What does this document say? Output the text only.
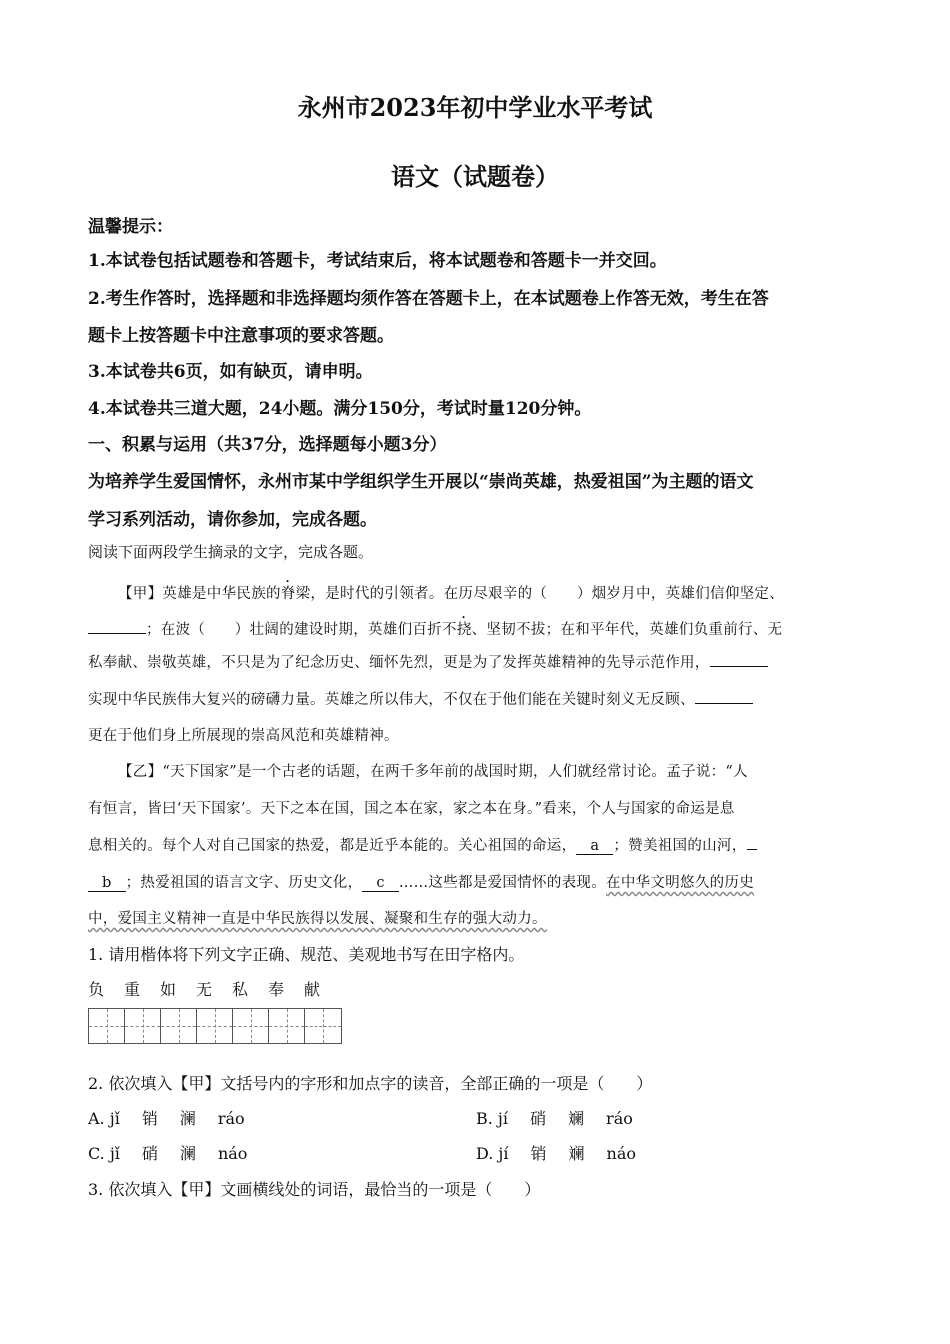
永州市2023年初中学业水平考试
语文（试题卷）
温馨提示：
1.本试卷包括试题卷和答题卡，考试结束后，将本试题卷和答题卡一并交回。
2.考生作答时，选择题和非选择题均须作答在答题卡上，在本试题卷上作答无效，考生在答
题卡上按答题卡中注意事项的要求答题。
3.本试卷共6页，如有缺页，请申明。
4.本试卷共三道大题，24小题。满分150分，考试时量120分钟。
一、积累与运用（共37分，选择题每小题3分）
为培养学生爱国情怀，永州市某中学组织学生开展以“崇尚英雄，热爱祖国”为主题的语文
学习系列活动，请你参加，完成各题。
阅读下面两段学生摘录的文字，完成各题。
【甲】英雄是中华民族的脊梁，是时代的引领者。在历尽艰辛的（　　）烟岁月中，英雄们信仰坚定、
；在波（　　）壮阔的建设时期，英雄们百折不挠、坚韧不拔；在和平年代，英雄们负重前行、无
私奉献、崇敬英雄，不只是为了纪念历史、缅怀先烈，更是为了发挥英雄精神的先导示范作用，
实现中华民族伟大复兴的磅礴力量。英雄之所以伟大，不仅在于他们能在关键时刻义无反顾、
更在于他们身上所展现的崇高风范和英雄精神。
【乙】“天下国家”是一个古老的话题，在两千多年前的战国时期，人们就经常讨论。孟子说：“人
有恒言，皆曰‘天下国家’。天下之本在国，国之本在家，家之本在身。”看来，个人与国家的命运是息
息相关的。每个人对自己国家的热爱，都是近乎本能的。关心祖国的命运， a ；赞美祖国的山河，
b ；热爱祖国的语言文字、历史文化， c ……这些都是爱国情怀的表现。在中华文明悠久的历史
中，爱国主义精神一直是中华民族得以发展、凝聚和生存的强大动力。
1. 请用楷体将下列文字正确、规范、美观地书写在田字格内。
负 重 如 无 私 奉 献
2. 依次填入【甲】文括号内的字形和加点字的读音，全部正确的一项是（　　）
A. jǐ 销 澜 ráo	B. jí 硝 斓 ráo
C. jǐ 硝 澜 náo	D. jí 销 斓 náo
3. 依次填入【甲】文画横线处的词语，最恰当的一项是（　　）
